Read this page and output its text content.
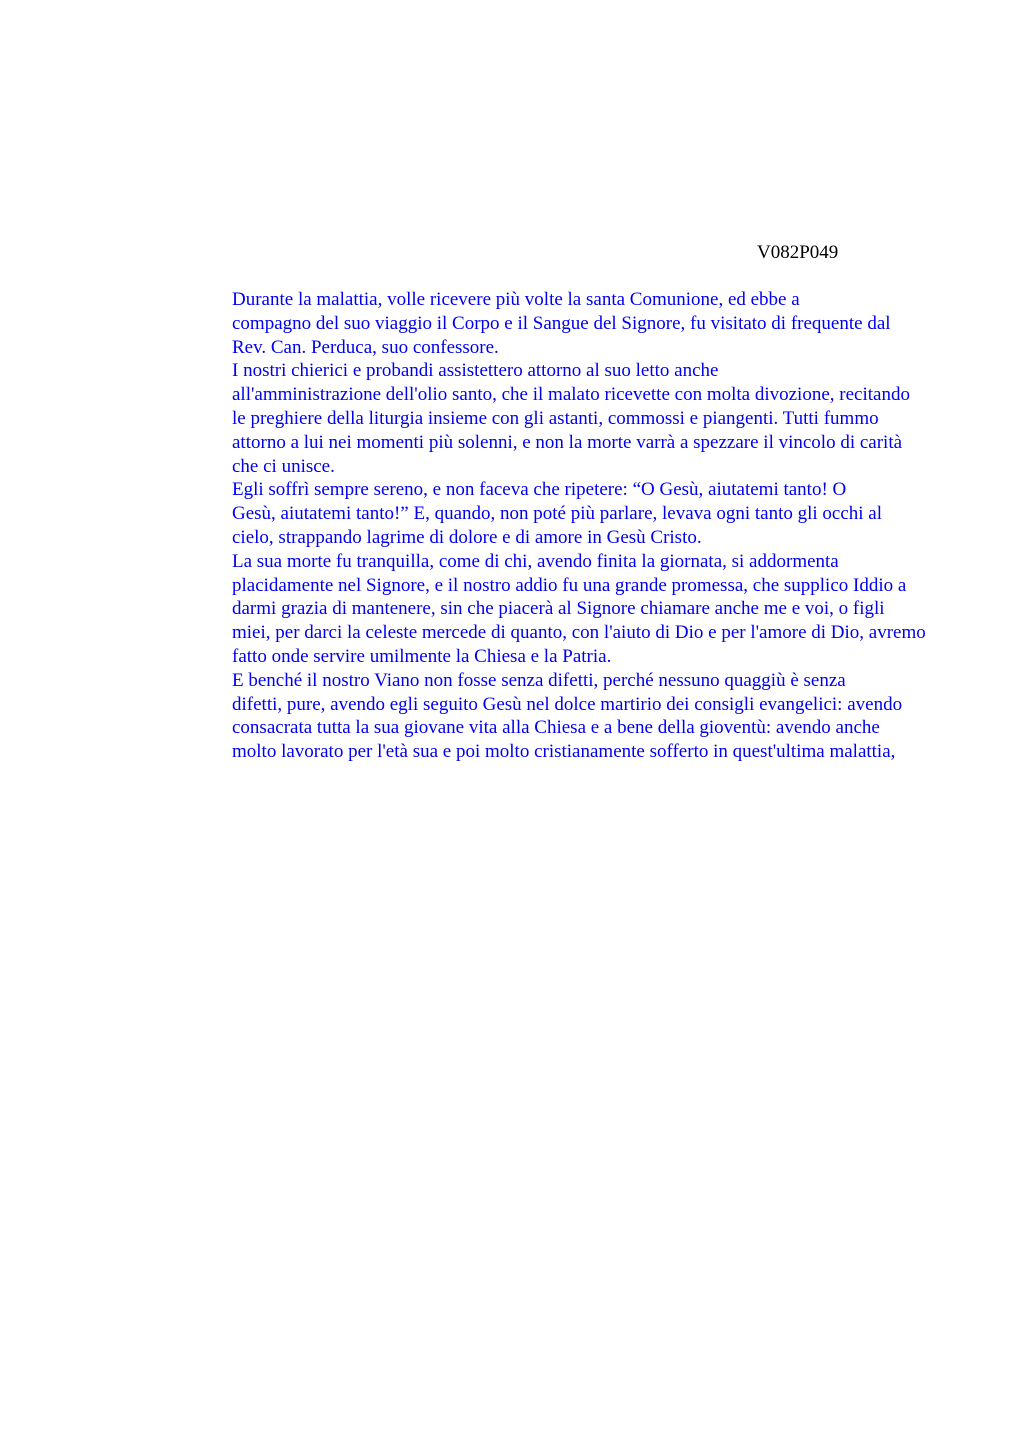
V082P049

Durante la malattia, volle ricevere più volte la santa Comunione, ed ebbe a
compagno del suo viaggio il Corpo e il Sangue del Signore, fu visitato di frequente dal
Rev. Can. Perduca, suo confessore.

I nostri chierici e probandi assistettero attorno al suo letto anche
all'amministrazione dell'olio santo, che il malato ricevette con molta divozione, recitando
le preghiere della liturgia insieme con gli astanti, commossi e piangenti. Tutti fummo
attorno a lui nei momenti più solenni, e non la morte varrà a spezzare il vincolo di carità
che ci unisce.

Egli soffrì sempre sereno, e non faceva che ripetere: “O Gesù, aiutatemi tanto! O
Gesù, aiutatemi tanto!” E, quando, non poté più parlare, levava ogni tanto gli occhi al
cielo, strappando lagrime di dolore e di amore in Gesù Cristo.

La sua morte fu tranquilla, come di chi, avendo finita la giornata, si addormenta
placidamente nel Signore, e il nostro addio fu una grande promessa, che supplico Iddio a
darmi grazia di mantenere, sin che piacerà al Signore chiamare anche me e voi, o figli
miei, per darci la celeste mercede di quanto, con l'aiuto di Dio e per l'amore di Dio, avremo
fatto onde servire umilmente la Chiesa e la Patria.

E benché il nostro Viano non fosse senza difetti, perché nessuno quaggiù è senza
difetti, pure, avendo egli seguito Gesù nel dolce martirio dei consigli evangelici: avendo
consacrata tutta la sua giovane vita alla Chiesa e a bene della gioventù: avendo anche
molto lavorato per l'età sua e poi molto cristianamente sofferto in quest'ultima malattia,
